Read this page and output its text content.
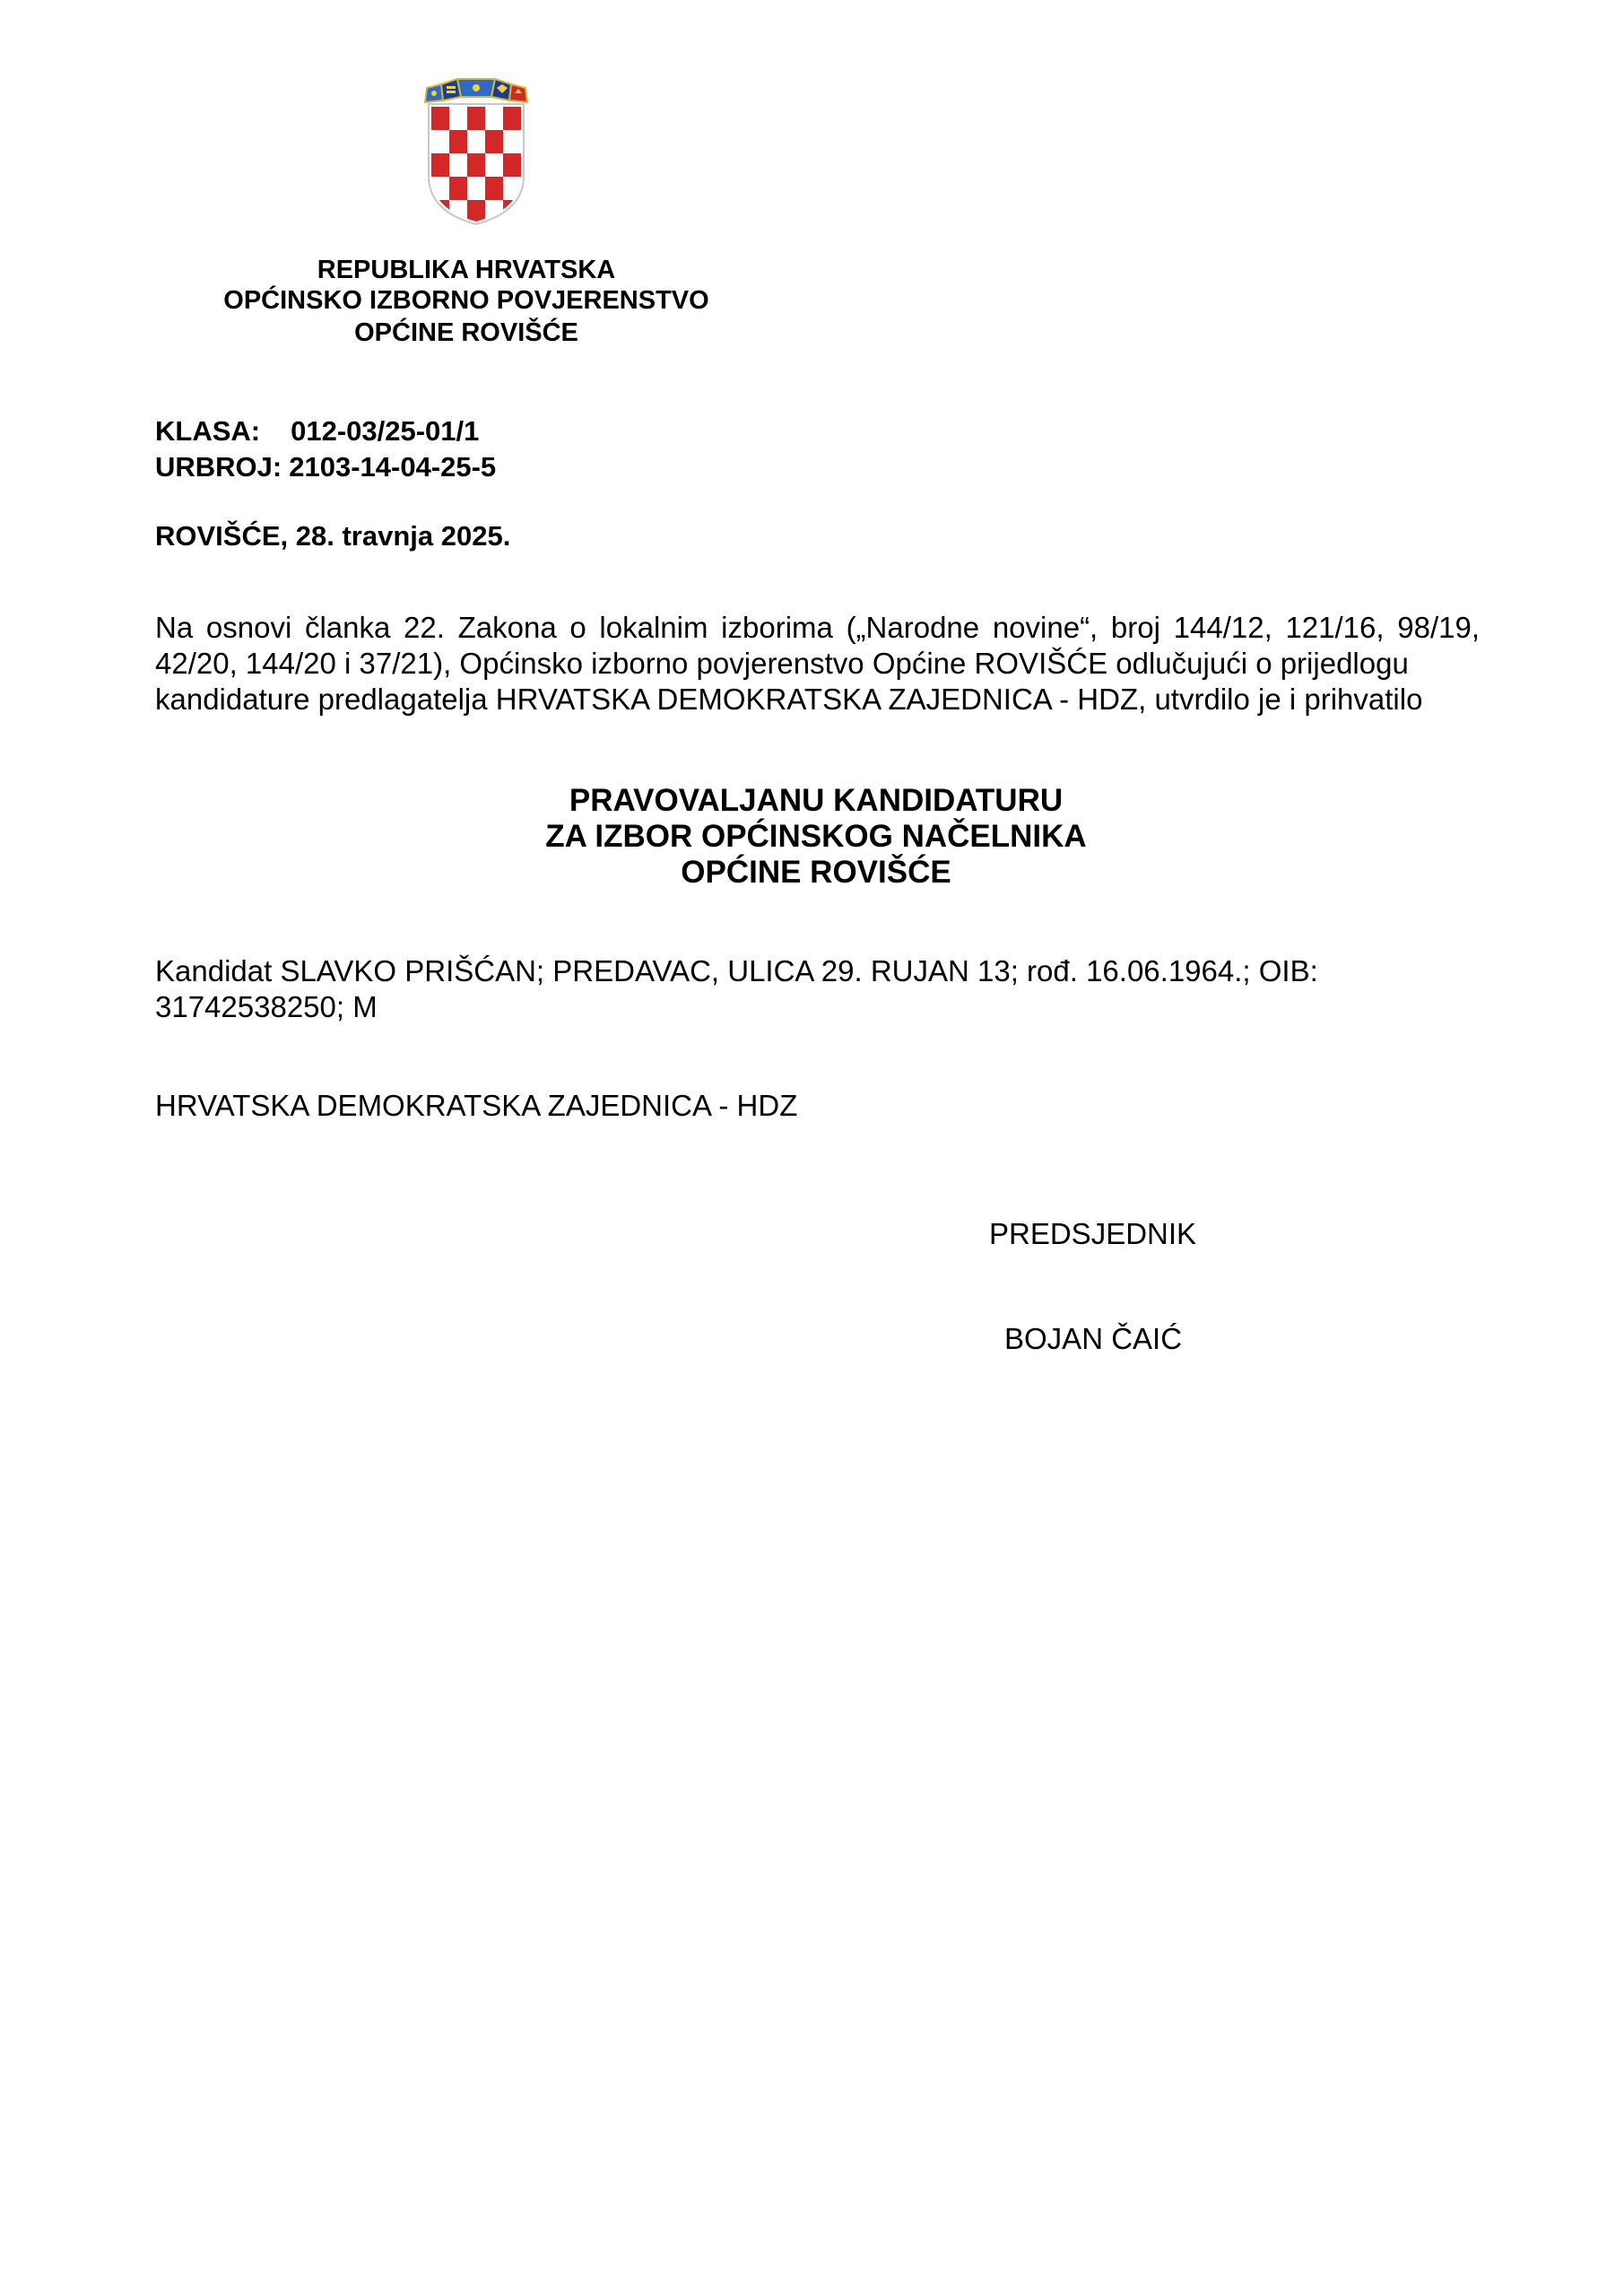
REPUBLIKA HRVATSKA
OPĆINSKO IZBORNO POVJERENSTVO
OPĆINE ROVIŠĆE
KLASA: 012-03/25-01/1
URBROJ: 2103-14-04-25-5
ROVIŠĆE, 28. travnja 2025.
Na osnovi članka 22. Zakona o lokalnim izborima („Narodne novine“, broj 144/12, 121/16, 98/19, 42/20, 144/20 i 37/21), Općinsko izborno povjerenstvo Općine ROVIŠĆE odlučujući o prijedlogu
kandidature predlagatelja HRVATSKA DEMOKRATSKA ZAJEDNICA - HDZ, utvrdilo je i prihvatilo
PRAVOVALJANU KANDIDATURU
ZA IZBOR OPĆINSKOG NAČELNIKA
OPĆINE ROVIŠĆE
Kandidat SLAVKO PRIŠĆAN; PREDAVAC, ULICA 29. RUJAN 13; rođ. 16.06.1964.; OIB:
31742538250; M
HRVATSKA DEMOKRATSKA ZAJEDNICA - HDZ
PREDSJEDNIK
BOJAN ČAIĆ
